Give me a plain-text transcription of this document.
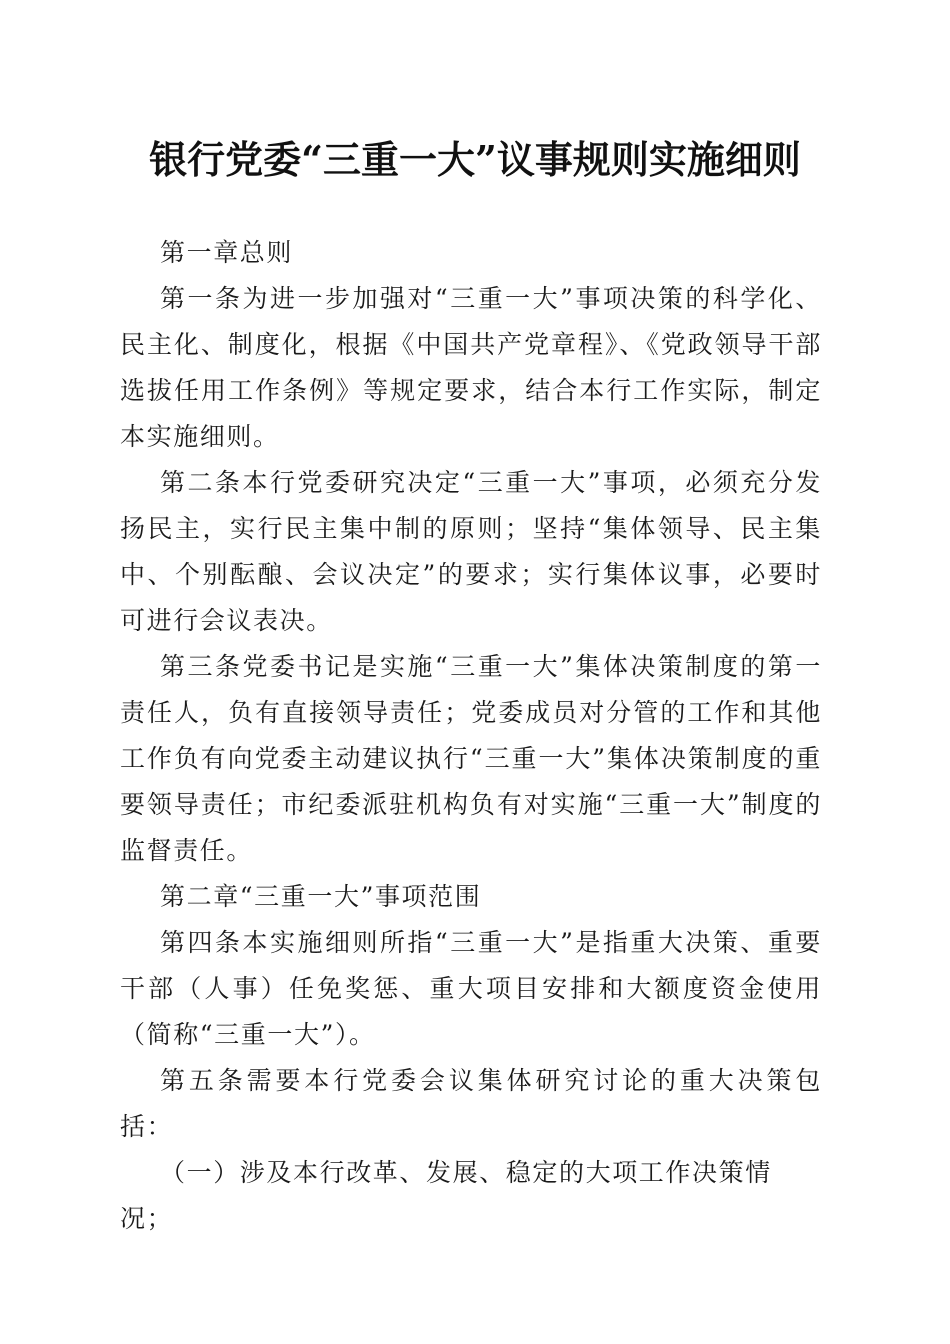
银行党委“三重一大”议事规则实施细则

第一章总则

第一条为进一步加强对“三重一大”事项决策的科学化、民主化、制度化，根据《中国共产党章程》、《党政领导干部选拔任用工作条例》等规定要求，结合本行工作实际，制定本实施细则。

第二条本行党委研究决定“三重一大”事项，必须充分发扬民主，实行民主集中制的原则；坚持“集体领导、民主集中、个别酝酿、会议决定”的要求；实行集体议事，必要时可进行会议表决。

第三条党委书记是实施“三重一大”集体决策制度的第一责任人，负有直接领导责任；党委成员对分管的工作和其他工作负有向党委主动建议执行“三重一大”集体决策制度的重要领导责任；市纪委派驻机构负有对实施“三重一大”制度的监督责任。

第二章“三重一大”事项范围

第四条本实施细则所指“三重一大”是指重大决策、重要干部（人事）任免奖惩、重大项目安排和大额度资金使用（简称“三重一大”）。

第五条需要本行党委会议集体研究讨论的重大决策包括：

（一）涉及本行改革、发展、稳定的大项工作决策情况；
